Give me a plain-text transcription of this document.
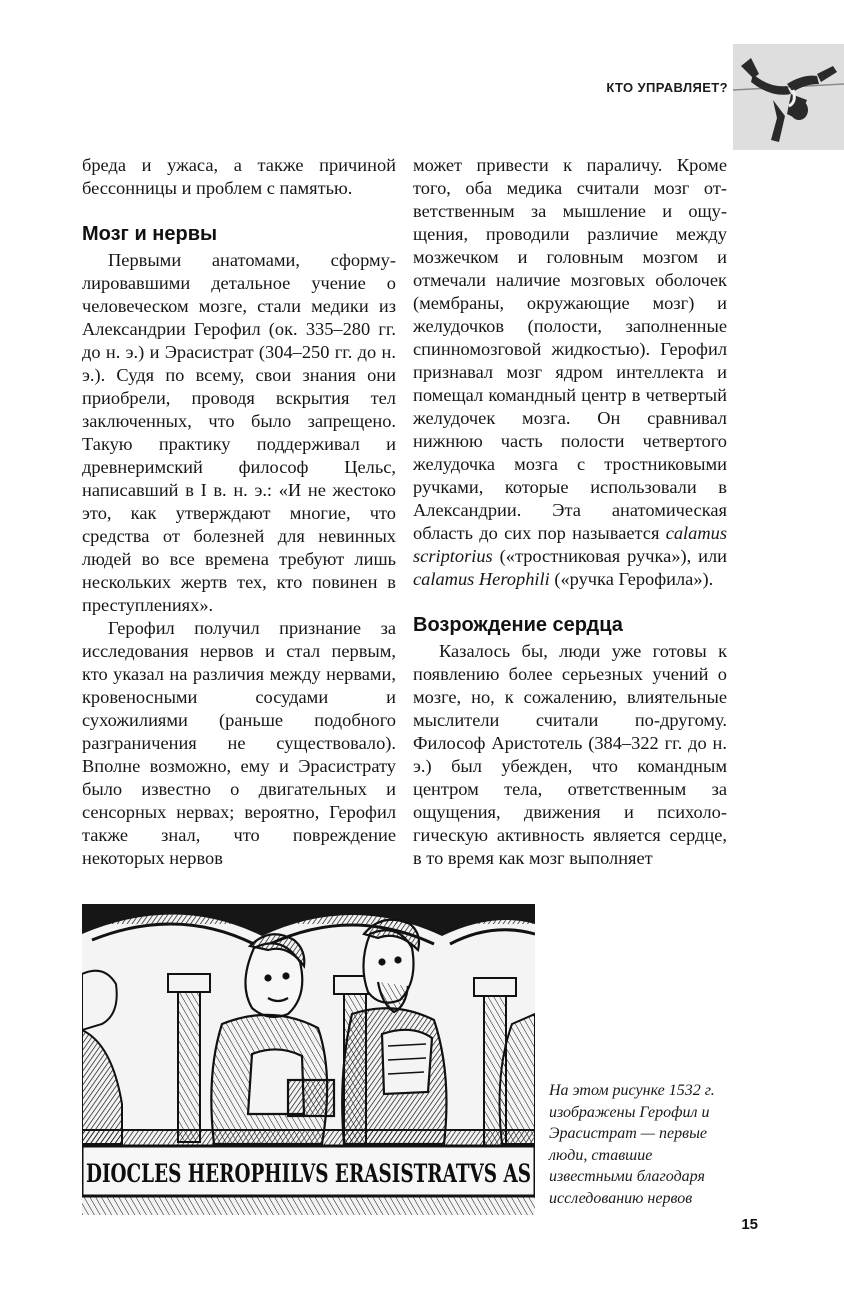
КТО УПРАВЛЯЕТ?

бреда и ужаса, а также причиной бессонницы и проблем с памятью.

Мозг и нервы

Первыми анатомами, сформулировавшими детальное учение о человеческом мозге, стали медики из Александрии Герофил (ок. 335–280 гг. до н. э.) и Эрасистрат (304–250 гг. до н. э.). Судя по всему, свои знания они приобрели, проводя вскрытия тел заключенных, что было запрещено. Такую практику поддерживал и древнеримский философ Цельс, написавший в I в. н. э.: «И не жестоко это, как утверждают многие, что средства от болезней для невинных людей во все времена требуют лишь нескольких жертв тех, кто повинен в преступлениях».

Герофил получил признание за исследования нервов и стал первым, кто указал на различия между нервами, кровеносными сосудами и сухожилиями (раньше подобного разграничения не существовало). Вполне возможно, ему и Эрасистрату было известно о двигательных и сенсорных нервах; вероятно, Герофил также знал, что повреждение некоторых нервов

может привести к параличу. Кроме того, оба медика считали мозг ответственным за мышление и ощущения, проводили различие между мозжечком и головным мозгом и отмечали наличие мозговых оболочек (мембраны, окружающие мозг) и желудочков (полости, заполненные спинномозговой жидкостью). Герофил признавал мозг ядром интеллекта и помещал командный центр в четвертый желудочек мозга. Он сравнивал нижнюю часть полости четвертого желудочка мозга с тростниковыми ручками, которые использовали в Александрии. Эта анатомическая область до сих пор называется calamus scriptorius («тростниковая ручка»), или calamus Herophili («ручка Герофила»).

Возрождение сердца

Казалось бы, люди уже готовы к появлению более серьезных учений о мозге, но, к сожалению, влиятельные мыслители считали по-другому. Философ Аристотель (384–322 гг. до н. э.) был убежден, что командным центром тела, ответственным за ощущения, движения и психологическую активность является сердце, в то время как мозг выполняет

DIOCLES HEROPHILVS ERASISTRATVS AS
На этом рисунке 1532 г. изображены Герофил и Эрасистрат — первые люди, ставшие известными благодаря исследованию нервов
15
